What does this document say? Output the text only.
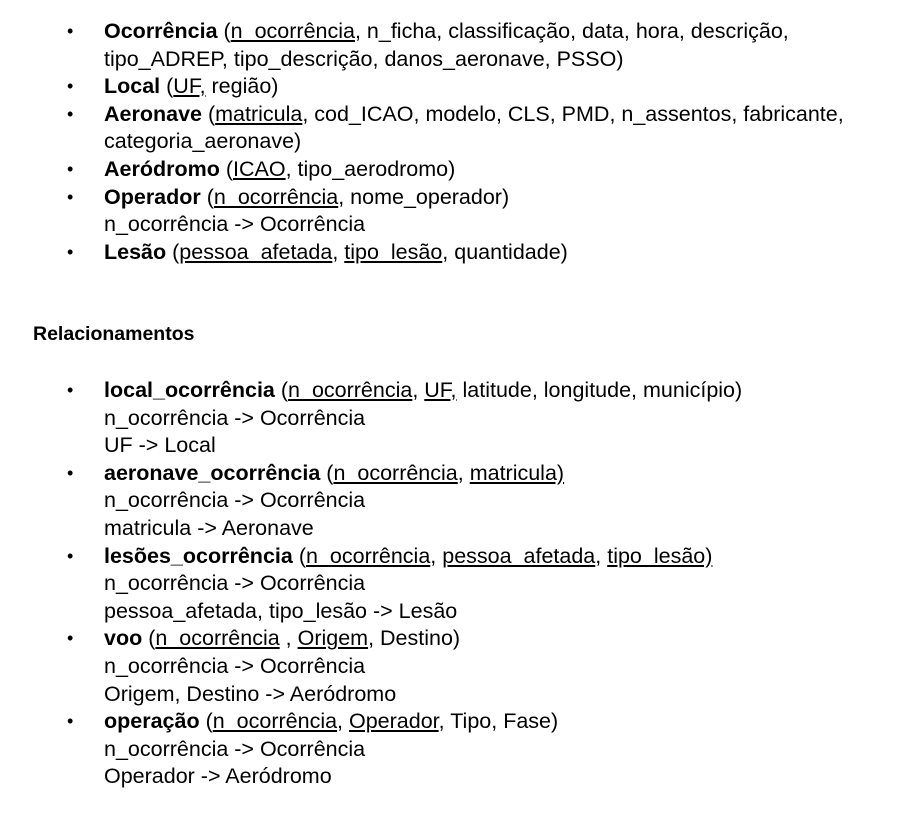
•	Ocorrência (n_ocorrência, n_ficha, classificação, data, hora, descrição, tipo_ADREP, tipo_descrição, danos_aeronave, PSSO)
•	Local (UF, região)
•	Aeronave (matricula, cod_ICAO, modelo, CLS, PMD, n_assentos, fabricante, categoria_aeronave)
•	Aeródromo (ICAO, tipo_aerodromo)
•	Operador (n_ocorrência, nome_operador)
n_ocorrência -> Ocorrência
•	Lesão (pessoa_afetada, tipo_lesão, quantidade)
Relacionamentos
•	local_ocorrência (n_ocorrência, UF, latitude, longitude, município)
n_ocorrência -> Ocorrência
UF -> Local
•	aeronave_ocorrência (n_ocorrência, matricula)
n_ocorrência -> Ocorrência
matricula -> Aeronave
•	lesões_ocorrência (n_ocorrência, pessoa_afetada, tipo_lesão)
n_ocorrência -> Ocorrência
pessoa_afetada, tipo_lesão -> Lesão
•	voo (n_ocorrência , Origem, Destino)
n_ocorrência -> Ocorrência
Origem, Destino -> Aeródromo
•	operação (n_ocorrência, Operador, Tipo, Fase)
n_ocorrência -> Ocorrência
Operador -> Aeródromo
